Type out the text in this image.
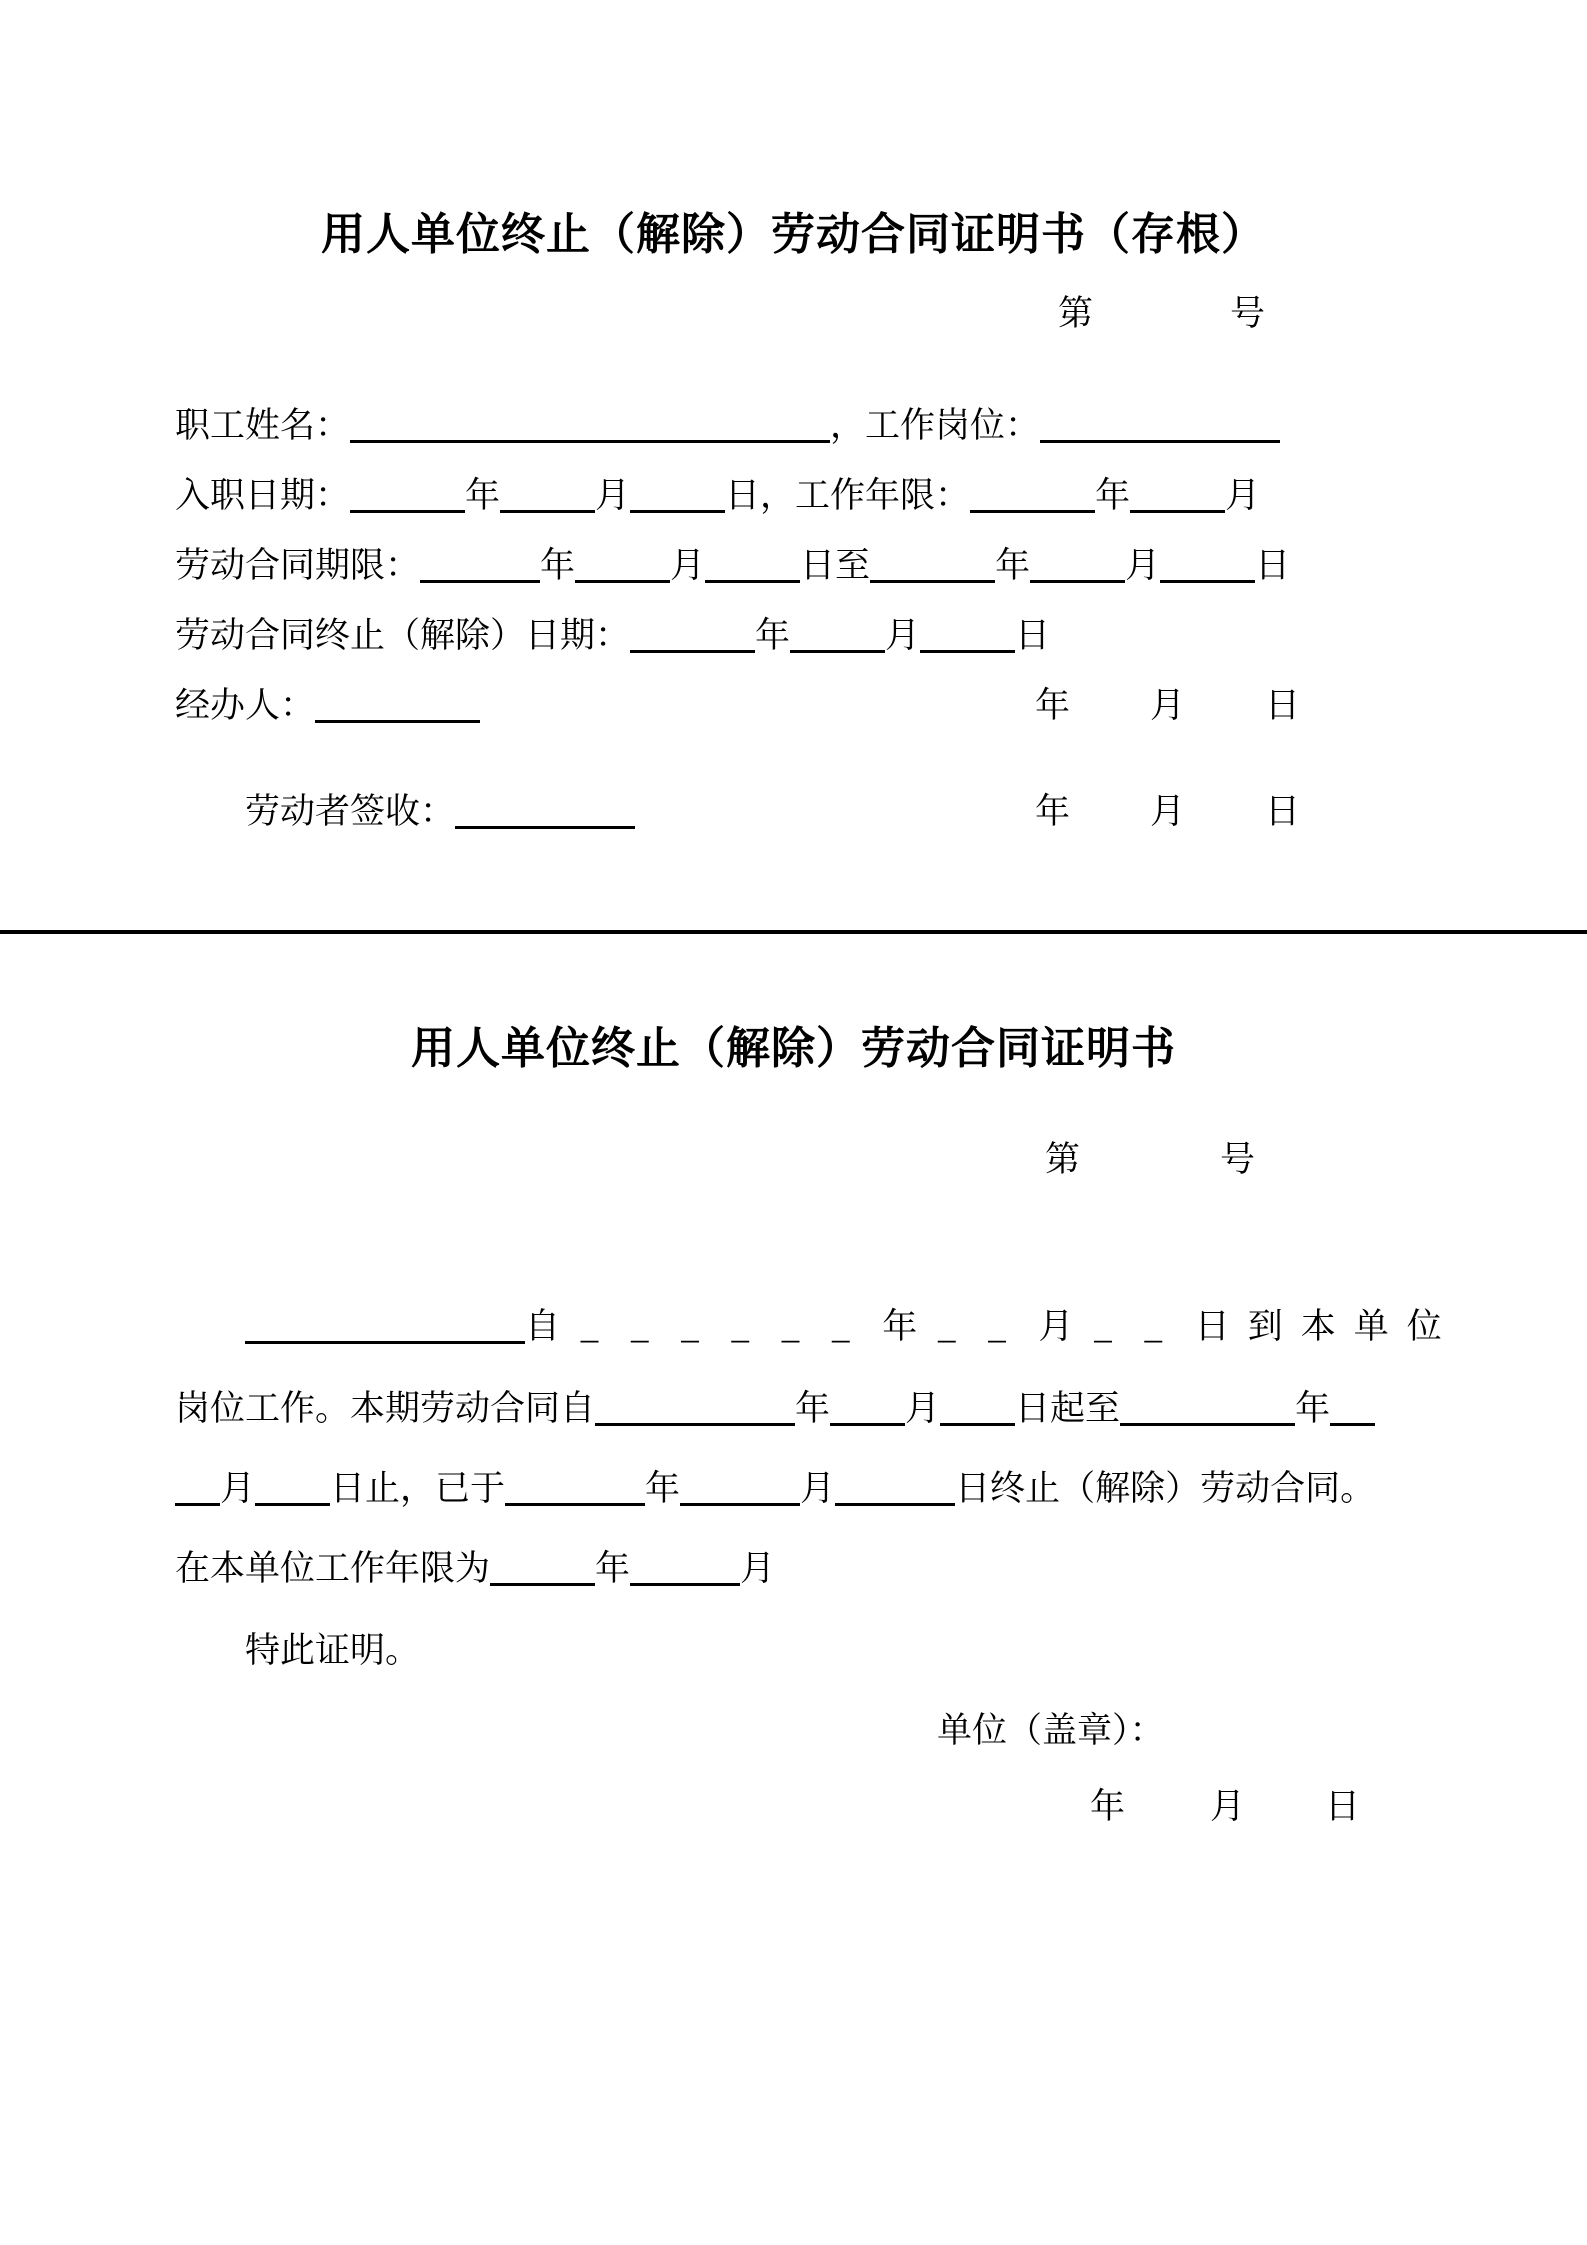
用人单位终止（解除）劳动合同证明书（存根）
第	号
职工姓名：	，工作岗位：
入职日期：	年	月	日，工作年限：	年	月
劳动合同期限：	年	月	日至	年	月	日
劳动合同终止（解除）日期：	年	月	日
经办人：	年 月 日
劳动者签收：	年 月 日
用人单位终止（解除）劳动合同证明书
第	号
自 _ _ _ _ _ _ 年 _ _ 月 _ _ 日到本单位
岗位工作。本期劳动合同自	年 月 日起至	年
月 日止，已于	年	月	日终止（解除）劳动合同。
在本单位工作年限为	年	月
特此证明。
单位（盖章）：
年 月 日
